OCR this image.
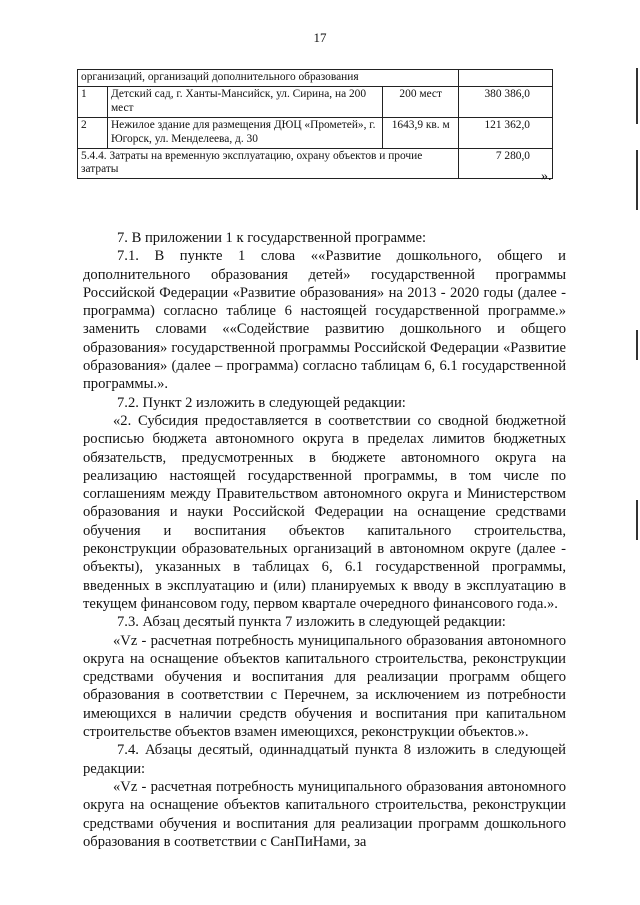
17
организаций, организаций дополнительного образования			
1	Детский сад, г. Ханты-Мансийск, ул. Сирина, на 200 мест	200 мест	380 386,0
2	Нежилое здание для размещения ДЮЦ «Прометей», г. Югорск, ул. Менделеева, д. 30	1643,9 кв. м	121 362,0
5.4.4. Затраты на временную эксплуатацию, охрану объектов и прочие затраты			7 280,0
».

7. В приложении 1 к государственной программе:

7.1. В пункте 1 слова ««Развитие дошкольного, общего и дополнительного образования детей» государственной программы Российской Федерации «Развитие образования» на 2013 - 2020 годы (далее - программа) согласно таблице 6 настоящей государственной программе.» заменить словами ««Содействие развитию дошкольного и общего образования» государственной программы Российской Федерации «Развитие образования» (далее – программа) согласно таблицам 6, 6.1 государственной программы.».

7.2. Пункт 2 изложить в следующей редакции:

«2. Субсидия предоставляется в соответствии со сводной бюджетной росписью бюджета автономного округа в пределах лимитов бюджетных обязательств, предусмотренных в бюджете автономного округа на реализацию настоящей государственной программы, в том числе по соглашениям между Правительством автономного округа и Министерством образования и науки Российской Федерации на оснащение средствами обучения и воспитания объектов капитального строительства, реконструкции образовательных организаций в автономном округе (далее - объекты), указанных в таблицах 6, 6.1 государственной программы, введенных в эксплуатацию и (или) планируемых к вводу в эксплуатацию в текущем финансовом году, первом квартале очередного финансового года.».

7.3. Абзац десятый пункта 7 изложить в следующей редакции:

«Vz - расчетная потребность муниципального образования автономного округа на оснащение объектов капитального строительства, реконструкции средствами обучения и воспитания для реализации программ общего образования в соответствии с Перечнем, за исключением из потребности имеющихся в наличии средств обучения и воспитания при капитальном строительстве объектов взамен имеющихся, реконструкции объектов.».

7.4. Абзацы десятый, одиннадцатый пункта 8 изложить в следующей редакции:

«Vz - расчетная потребность муниципального образования автономного округа на оснащение объектов капитального строительства, реконструкции средствами обучения и воспитания для реализации программ дошкольного образования в соответствии с СанПиНами, за
